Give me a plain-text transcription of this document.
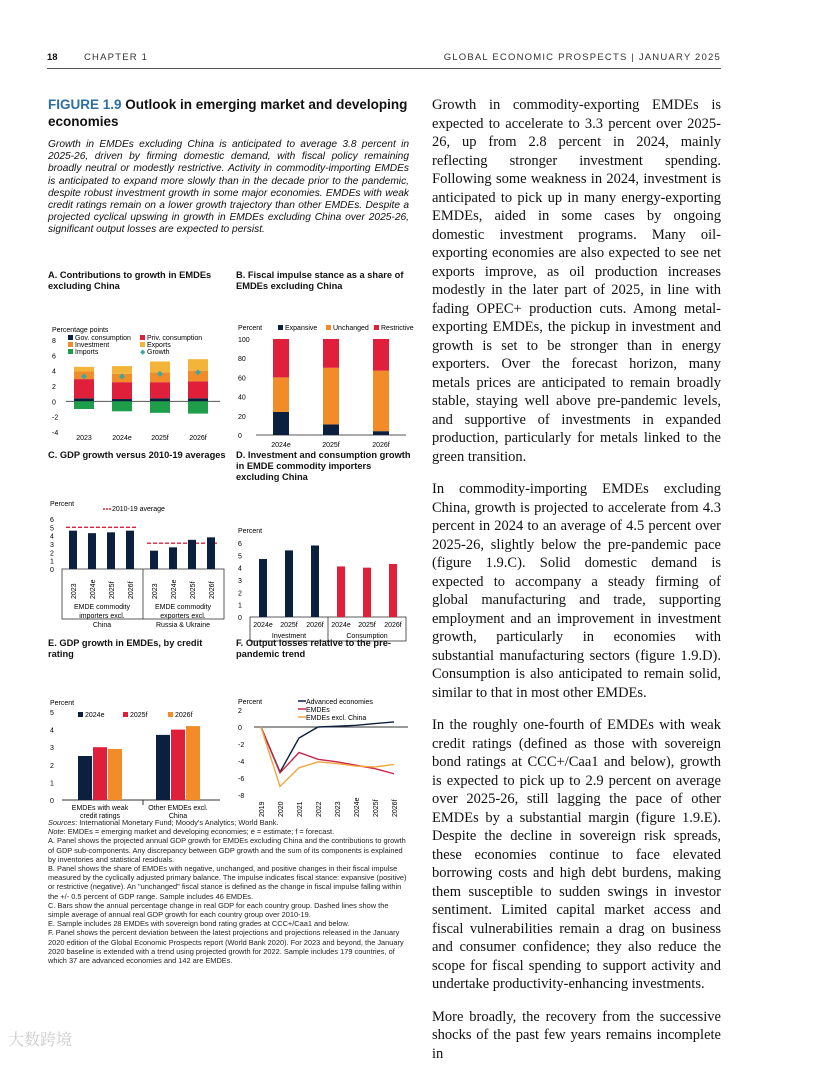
18	CHAPTER 1	GLOBAL ECONOMIC PROSPECTS | JANUARY 2025
FIGURE 1.9 Outlook in emerging market and developing economies
Growth in EMDEs excluding China is anticipated to average 3.8 percent in 2025-26, driven by firming domestic demand, with fiscal policy remaining broadly neutral or modestly restrictive. Activity in commodity-importing EMDEs is anticipated to expand more slowly than in the decade prior to the pandemic, despite robust investment growth in some major economies. EMDEs with weak credit ratings remain on a lower growth trajectory than other EMDEs. Despite a projected cyclical upswing in growth in EMDEs excluding China over 2025-26, significant output losses are expected to persist.
A. Contributions to growth in EMDEs excluding China
Percentage points
-4
-2
0
2
4
6
8	Gov. consumption Priv. consumption
Investment	Exports
Imports	◆ Growth
◆
2023
◆
2024e
◆
2025f
◆
2026f
B. Fiscal impulse stance as a share of EMDEs excluding China
Percent	Expansive Unchanged Restrictive
0
20
40
60
80
100
2024e	2025f	2026f
C. GDP growth versus 2010-19 averages
Percent
2010-19 average
0
1
2
3
4
5
6
2023 2024e 2025f 2026f
EMDE commodity
importers excl.
China
2023 2024e 2025f 2026f
EMDE commodity
exporters excl.
Russia & Ukraine
D. Investment and consumption growth in EMDE commodity importers excluding China
Percent
0
1
2
3
4
5
6
2024e 2025f 2026f
Investment
2024e 2025f 2026f
Consumption
E. GDP growth in EMDEs, by credit rating
Percent
0
1
2
3
4
5	2024e	2025f	2026f
EMDEs with weak
credit ratings
Other EMDEs excl.
China
F. Output losses relative to the pre-pandemic trend
Percent
-8
-6
-4
-2
0
2
Advanced economies
EMDEs
EMDEs excl. China
2019 2020 2021 2022 2023 2024e 2025f 2026f

Sources: International Monetary Fund; Moody's Analytics; World Bank.

Note: EMDEs = emerging market and developing economies; e = estimate; f = forecast.

A. Panel shows the projected annual GDP growth for EMDEs excluding China and the contributions to growth of GDP sub-components. Any discrepancy between GDP growth and the sum of its components is explained by inventories and statistical residuals.

B. Panel shows the share of EMDEs with negative, unchanged, and positive changes in their fiscal impulse measured by the cyclically adjusted primary balance. The impulse indicates fiscal stance: expansive (positive) or restrictive (negative). An "unchanged" fiscal stance is defined as the change in fiscal impulse falling within the +/- 0.5 percent of GDP range. Sample includes 46 EMDEs.

C. Bars show the annual percentage change in real GDP for each country group. Dashed lines show the simple average of annual real GDP growth for each country group over 2010-19.

E. Sample includes 28 EMDEs with sovereign bond rating grades at CCC+/Caa1 and below.

F. Panel shows the percent deviation between the latest projections and projections released in the January 2020 edition of the Global Economic Prospects report (World Bank 2020). For 2023 and beyond, the January 2020 baseline is extended with a trend using projected growth for 2022. Sample includes 179 countries, of which 37 are advanced economies and 142 are EMDEs.

Growth in commodity-exporting EMDEs is expected to accelerate to 3.3 percent over 2025-26, up from 2.8 percent in 2024, mainly reflecting stronger investment spending. Following some weakness in 2024, investment is anticipated to pick up in many energy-exporting EMDEs, aided in some cases by ongoing domestic investment programs. Many oil-exporting economies are also expected to see net exports improve, as oil production increases modestly in the later part of 2025, in line with fading OPEC+ production cuts. Among metal-exporting EMDEs, the pickup in investment and growth is set to be stronger than in energy exporters. Over the forecast horizon, many metals prices are anticipated to remain broadly stable, staying well above pre-pandemic levels, and supportive of investments in expanded production, particularly for metals linked to the green transition.

In commodity-importing EMDEs excluding China, growth is projected to accelerate from 4.3 percent in 2024 to an average of 4.5 percent over 2025-26, slightly below the pre-pandemic pace (figure 1.9.C). Solid domestic demand is expected to accompany a steady firming of global manufacturing and trade, supporting employment and an improvement in investment growth, particularly in economies with substantial manufacturing sectors (figure 1.9.D). Consumption is also anticipated to remain solid, similar to that in most other EMDEs.

In the roughly one-fourth of EMDEs with weak credit ratings (defined as those with sovereign bond ratings at CCC+/Caa1 and below), growth is expected to pick up to 2.9 percent on average over 2025-26, still lagging the pace of other EMDEs by a substantial margin (figure 1.9.E). Despite the decline in sovereign risk spreads, these economies continue to face elevated borrowing costs and high debt burdens, making them susceptible to sudden swings in investor sentiment. Limited capital market access and fiscal vulnerabilities remain a drag on business and consumer confidence; they also reduce the scope for fiscal spending to support activity and undertake productivity-enhancing investments.

More broadly, the recovery from the successive shocks of the past few years remains incomplete in

大数跨境
